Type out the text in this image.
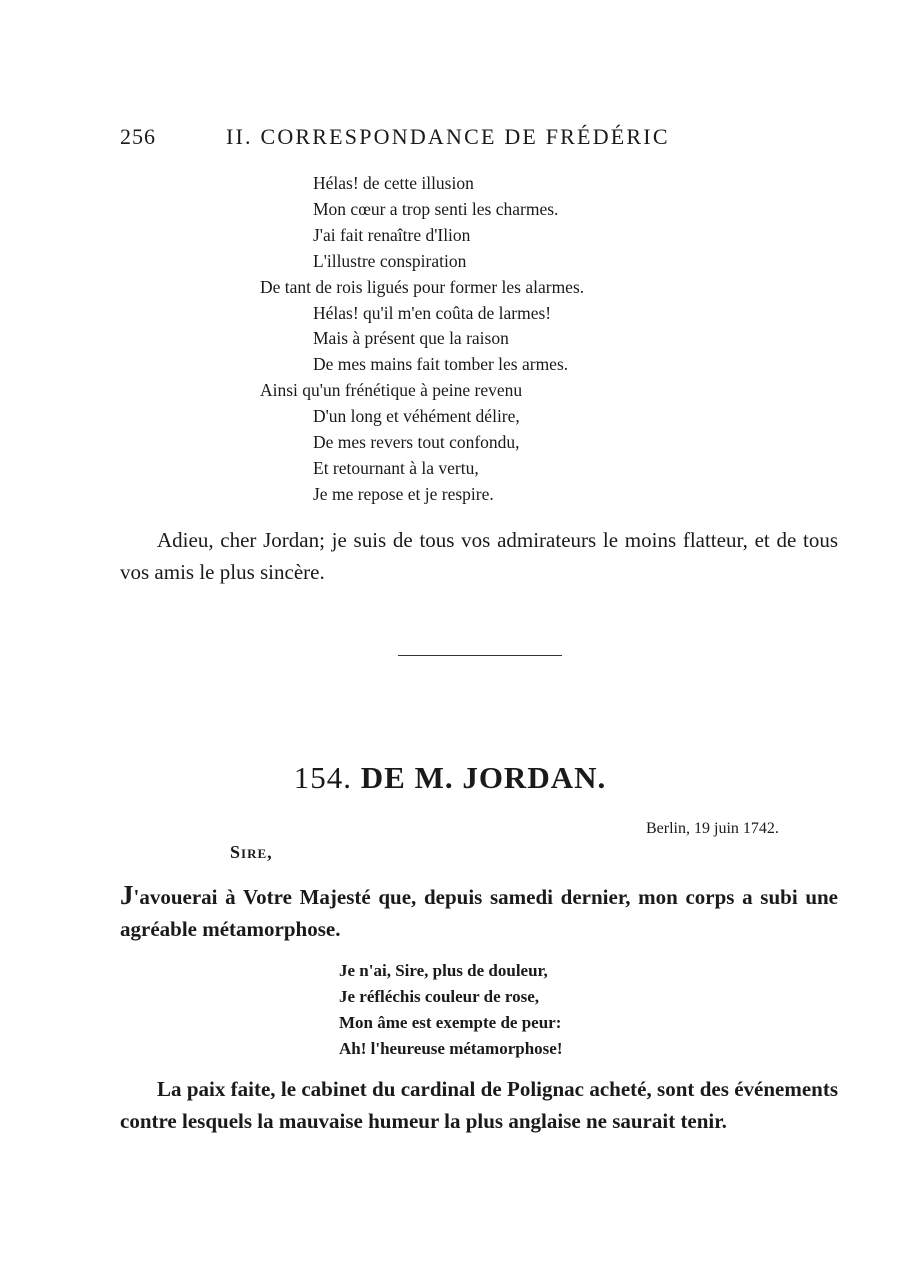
256	II. CORRESPONDANCE DE FRÉDÉRIC
Hélas! de cette illusion
Mon cœur a trop senti les charmes.
J'ai fait renaître d'Ilion
L'illustre conspiration
De tant de rois ligués pour former les alarmes.
Hélas! qu'il m'en coûta de larmes!
Mais à présent que la raison
De mes mains fait tomber les armes.
Ainsi qu'un frénétique à peine revenu
D'un long et véhément délire,
De mes revers tout confondu,
Et retournant à la vertu,
Je me repose et je respire.

Adieu, cher Jordan; je suis de tous vos admirateurs le moins flatteur, et de tous vos amis le plus sincère.

154. DE M. JORDAN.
Berlin, 19 juin 1742.
Sire,

J'avouerai à Votre Majesté que, depuis samedi dernier, mon corps a subi une agréable métamorphose.

Je n'ai, Sire, plus de douleur,
Je réfléchis couleur de rose,
Mon âme est exempte de peur:
Ah! l'heureuse métamorphose!

La paix faite, le cabinet du cardinal de Polignac acheté, sont des événements contre lesquels la mauvaise humeur la plus anglaise ne saurait tenir.
